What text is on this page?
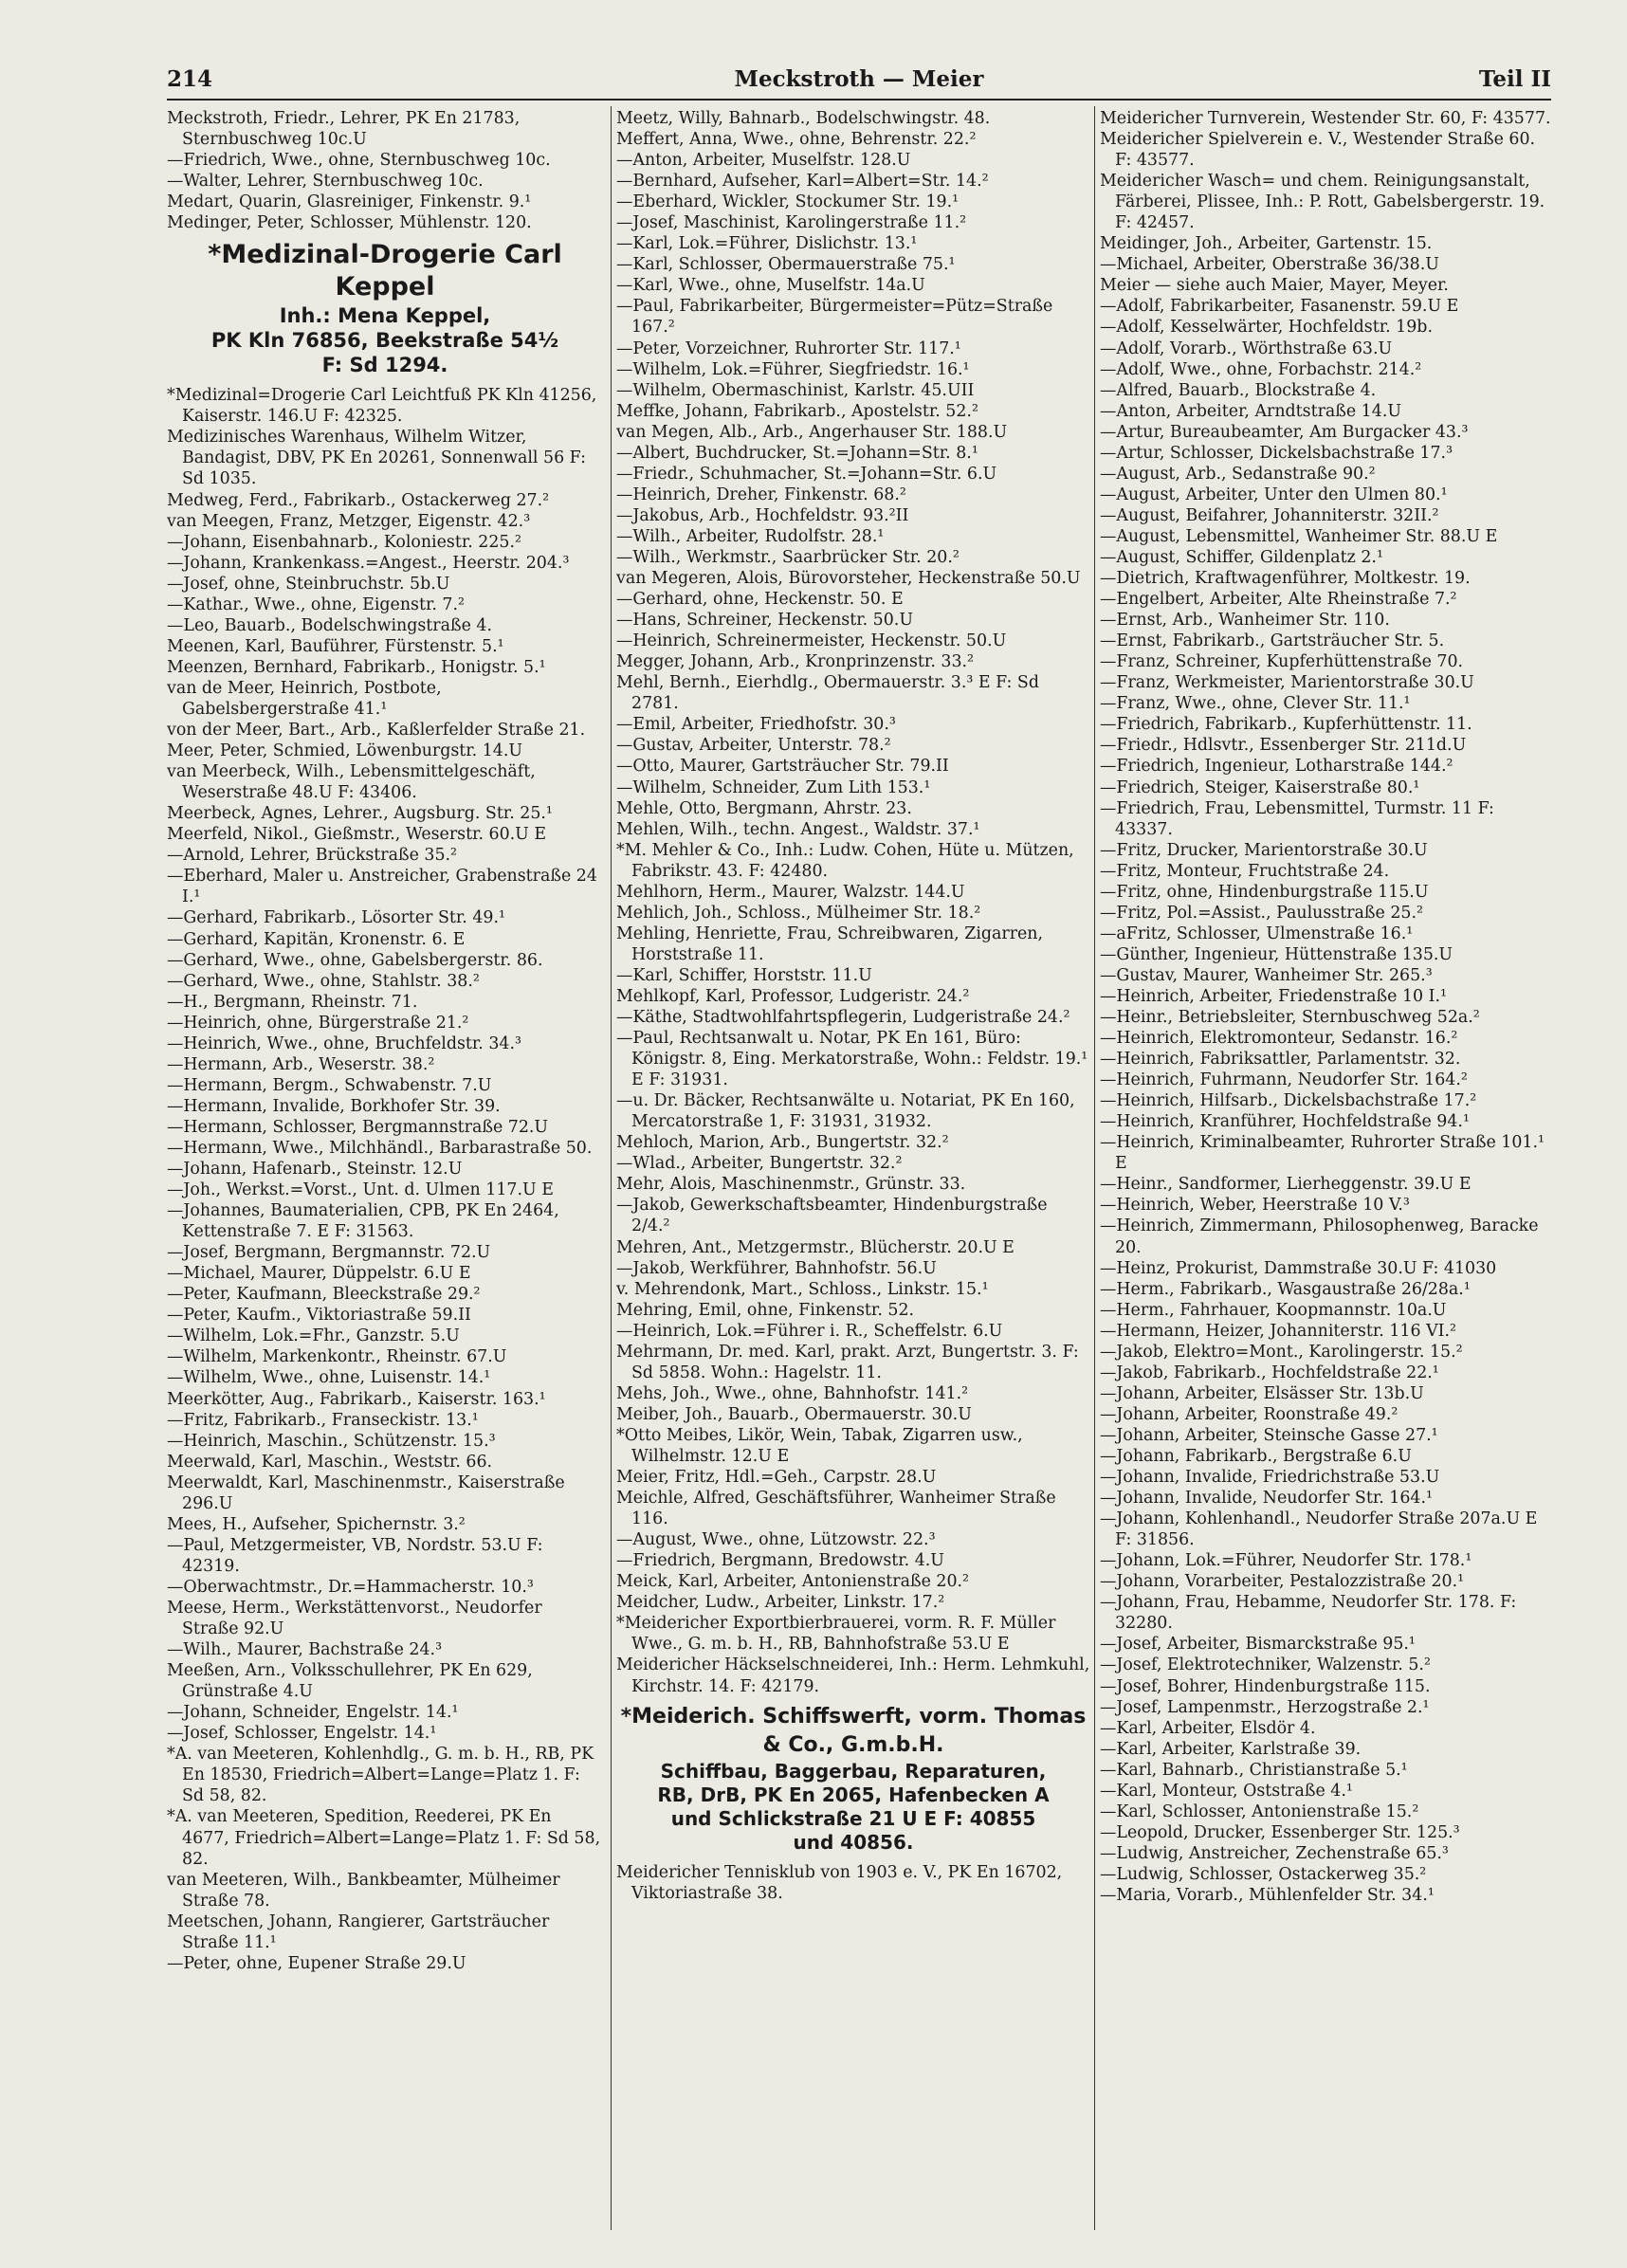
214	Meckstroth — Meier	Teil II

Meckstroth, Friedr., Lehrer, PK En 21783, Sternbuschweg 10c.U

—Friedrich, Wwe., ohne, Sternbuschweg 10c.

—Walter, Lehrer, Sternbuschweg 10c.

Medart, Quarin, Glasreiniger, Finkenstr. 9.¹

Medinger, Peter, Schlosser, Mühlenstr. 120.

*Medizinal-Drogerie Carl Keppel
Inh.: Mena Keppel,
PK Kln 76856, Beekstraße 54½
F: Sd 1294.

*Medizinal=Drogerie Carl Leichtfuß PK Kln 41256, Kaiserstr. 146.U F: 42325.

Medizinisches Warenhaus, Wilhelm Witzer, Bandagist, DBV, PK En 20261, Sonnenwall 56 F: Sd 1035.

Medweg, Ferd., Fabrikarb., Ostackerweg 27.²

van Meegen, Franz, Metzger, Eigenstr. 42.³

—Johann, Eisenbahnarb., Koloniestr. 225.²

—Johann, Krankenkass.=Angest., Heerstr. 204.³

—Josef, ohne, Steinbruchstr. 5b.U

—Kathar., Wwe., ohne, Eigenstr. 7.²

—Leo, Bauarb., Bodelschwingstraße 4.

Meenen, Karl, Bauführer, Fürstenstr. 5.¹

Meenzen, Bernhard, Fabrikarb., Honigstr. 5.¹

van de Meer, Heinrich, Postbote, Gabelsbergerstraße 41.¹

von der Meer, Bart., Arb., Kaßlerfelder Straße 21.

Meer, Peter, Schmied, Löwenburgstr. 14.U

van Meerbeck, Wilh., Lebensmittelgeschäft, Weserstraße 48.U F: 43406.

Meerbeck, Agnes, Lehrer., Augsburg. Str. 25.¹

Meerfeld, Nikol., Gießmstr., Weserstr. 60.U E

—Arnold, Lehrer, Brückstraße 35.²

—Eberhard, Maler u. Anstreicher, Grabenstraße 24 I.¹

—Gerhard, Fabrikarb., Lösorter Str. 49.¹

—Gerhard, Kapitän, Kronenstr. 6. E

—Gerhard, Wwe., ohne, Gabelsbergerstr. 86.

—Gerhard, Wwe., ohne, Stahlstr. 38.²

—H., Bergmann, Rheinstr. 71.

—Heinrich, ohne, Bürgerstraße 21.²

—Heinrich, Wwe., ohne, Bruchfeldstr. 34.³

—Hermann, Arb., Weserstr. 38.²

—Hermann, Bergm., Schwabenstr. 7.U

—Hermann, Invalide, Borkhofer Str. 39.

—Hermann, Schlosser, Bergmannstraße 72.U

—Hermann, Wwe., Milchhändl., Barbarastraße 50.

—Johann, Hafenarb., Steinstr. 12.U

—Joh., Werkst.=Vorst., Unt. d. Ulmen 117.U E

—Johannes, Baumaterialien, CPB, PK En 2464, Kettenstraße 7. E F: 31563.

—Josef, Bergmann, Bergmannstr. 72.U

—Michael, Maurer, Düppelstr. 6.U E

—Peter, Kaufmann, Bleeckstraße 29.²

—Peter, Kaufm., Viktoriastraße 59.II

—Wilhelm, Lok.=Fhr., Ganzstr. 5.U

—Wilhelm, Markenkontr., Rheinstr. 67.U

—Wilhelm, Wwe., ohne, Luisenstr. 14.¹

Meerkötter, Aug., Fabrikarb., Kaiserstr. 163.¹

—Fritz, Fabrikarb., Franseckistr. 13.¹

—Heinrich, Maschin., Schützenstr. 15.³

Meerwald, Karl, Maschin., Weststr. 66.

Meerwaldt, Karl, Maschinenmstr., Kaiserstraße 296.U

Mees, H., Aufseher, Spichernstr. 3.²

—Paul, Metzgermeister, VB, Nordstr. 53.U F: 42319.

—Oberwachtmstr., Dr.=Hammacherstr. 10.³

Meese, Herm., Werkstättenvorst., Neudorfer Straße 92.U

—Wilh., Maurer, Bachstraße 24.³

Meeßen, Arn., Volksschullehrer, PK En 629, Grünstraße 4.U

—Johann, Schneider, Engelstr. 14.¹

—Josef, Schlosser, Engelstr. 14.¹

*A. van Meeteren, Kohlenhdlg., G. m. b. H., RB, PK En 18530, Friedrich=Albert=Lange=Platz 1. F: Sd 58, 82.

*A. van Meeteren, Spedition, Reederei, PK En 4677, Friedrich=Albert=Lange=Platz 1. F: Sd 58, 82.

van Meeteren, Wilh., Bankbeamter, Mülheimer Straße 78.

Meetschen, Johann, Rangierer, Gartsträucher Straße 11.¹

—Peter, ohne, Eupener Straße 29.U

Meetz, Willy, Bahnarb., Bodelschwingstr. 48.

Meffert, Anna, Wwe., ohne, Behrenstr. 22.²

—Anton, Arbeiter, Muselfstr. 128.U

—Bernhard, Aufseher, Karl=Albert=Str. 14.²

—Eberhard, Wickler, Stockumer Str. 19.¹

—Josef, Maschinist, Karolingerstraße 11.²

—Karl, Lok.=Führer, Dislichstr. 13.¹

—Karl, Schlosser, Obermauerstraße 75.¹

—Karl, Wwe., ohne, Muselfstr. 14a.U

—Paul, Fabrikarbeiter, Bürgermeister=Pütz=Straße 167.²

—Peter, Vorzeichner, Ruhrorter Str. 117.¹

—Wilhelm, Lok.=Führer, Siegfriedstr. 16.¹

—Wilhelm, Obermaschinist, Karlstr. 45.UII

Meffke, Johann, Fabrikarb., Apostelstr. 52.²

van Megen, Alb., Arb., Angerhauser Str. 188.U

—Albert, Buchdrucker, St.=Johann=Str. 8.¹

—Friedr., Schuhmacher, St.=Johann=Str. 6.U

—Heinrich, Dreher, Finkenstr. 68.²

—Jakobus, Arb., Hochfeldstr. 93.²II

—Wilh., Arbeiter, Rudolfstr. 28.¹

—Wilh., Werkmstr., Saarbrücker Str. 20.²

van Megeren, Alois, Bürovorsteher, Heckenstraße 50.U

—Gerhard, ohne, Heckenstr. 50. E

—Hans, Schreiner, Heckenstr. 50.U

—Heinrich, Schreinermeister, Heckenstr. 50.U

Megger, Johann, Arb., Kronprinzenstr. 33.²

Mehl, Bernh., Eierhdlg., Obermauerstr. 3.³ E F: Sd 2781.

—Emil, Arbeiter, Friedhofstr. 30.³

—Gustav, Arbeiter, Unterstr. 78.²

—Otto, Maurer, Gartsträucher Str. 79.II

—Wilhelm, Schneider, Zum Lith 153.¹

Mehle, Otto, Bergmann, Ahrstr. 23.

Mehlen, Wilh., techn. Angest., Waldstr. 37.¹

*M. Mehler & Co., Inh.: Ludw. Cohen, Hüte u. Mützen, Fabrikstr. 43. F: 42480.

Mehlhorn, Herm., Maurer, Walzstr. 144.U

Mehlich, Joh., Schloss., Mülheimer Str. 18.²

Mehling, Henriette, Frau, Schreibwaren, Zigarren, Horststraße 11.

—Karl, Schiffer, Horststr. 11.U

Mehlkopf, Karl, Professor, Ludgeristr. 24.²

—Käthe, Stadtwohlfahrtspflegerin, Ludgeristraße 24.²

—Paul, Rechtsanwalt u. Notar, PK En 161, Büro: Königstr. 8, Eing. Merkatorstraße, Wohn.: Feldstr. 19.¹ E F: 31931.

—u. Dr. Bäcker, Rechtsanwälte u. Notariat, PK En 160, Mercatorstraße 1, F: 31931, 31932.

Mehloch, Marion, Arb., Bungertstr. 32.²

—Wlad., Arbeiter, Bungertstr. 32.²

Mehr, Alois, Maschinenmstr., Grünstr. 33.

—Jakob, Gewerkschaftsbeamter, Hindenburgstraße 2/4.²

Mehren, Ant., Metzgermstr., Blücherstr. 20.U E

—Jakob, Werkführer, Bahnhofstr. 56.U

v. Mehrendonk, Mart., Schloss., Linkstr. 15.¹

Mehring, Emil, ohne, Finkenstr. 52.

—Heinrich, Lok.=Führer i. R., Scheffelstr. 6.U

Mehrmann, Dr. med. Karl, prakt. Arzt, Bungertstr. 3. F: Sd 5858. Wohn.: Hagelstr. 11.

Mehs, Joh., Wwe., ohne, Bahnhofstr. 141.²

Meiber, Joh., Bauarb., Obermauerstr. 30.U

*Otto Meibes, Likör, Wein, Tabak, Zigarren usw., Wilhelmstr. 12.U E

Meier, Fritz, Hdl.=Geh., Carpstr. 28.U

Meichle, Alfred, Geschäftsführer, Wanheimer Straße 116.

—August, Wwe., ohne, Lützowstr. 22.³

—Friedrich, Bergmann, Bredowstr. 4.U

Meick, Karl, Arbeiter, Antonienstraße 20.²

Meidcher, Ludw., Arbeiter, Linkstr. 17.²

*Meidericher Exportbierbrauerei, vorm. R. F. Müller Wwe., G. m. b. H., RB, Bahnhofstraße 53.U E

Meidericher Häckselschneiderei, Inh.: Herm. Lehmkuhl, Kirchstr. 14. F: 42179.

*Meiderich. Schiffswerft, vorm. Thomas & Co., G.m.b.H.
Schiffbau, Baggerbau, Reparaturen,
RB, DrB, PK En 2065, Hafenbecken A
und Schlickstraße 21 U E F: 40855
und 40856.

Meidericher Tennisklub von 1903 e. V., PK En 16702, Viktoriastraße 38.

Meidericher Turnverein, Westender Str. 60, F: 43577.

Meidericher Spielverein e. V., Westender Straße 60. F: 43577.

Meidericher Wasch= und chem. Reinigungsanstalt, Färberei, Plissee, Inh.: P. Rott, Gabelsbergerstr. 19. F: 42457.

Meidinger, Joh., Arbeiter, Gartenstr. 15.

—Michael, Arbeiter, Oberstraße 36/38.U

Meier — siehe auch Maier, Mayer, Meyer.

—Adolf, Fabrikarbeiter, Fasanenstr. 59.U E

—Adolf, Kesselwärter, Hochfeldstr. 19b.

—Adolf, Vorarb., Wörthstraße 63.U

—Adolf, Wwe., ohne, Forbachstr. 214.²

—Alfred, Bauarb., Blockstraße 4.

—Anton, Arbeiter, Arndtstraße 14.U

—Artur, Bureaubeamter, Am Burgacker 43.³

—Artur, Schlosser, Dickelsbachstraße 17.³

—August, Arb., Sedanstraße 90.²

—August, Arbeiter, Unter den Ulmen 80.¹

—August, Beifahrer, Johanniterstr. 32II.²

—August, Lebensmittel, Wanheimer Str. 88.U E

—August, Schiffer, Gildenplatz 2.¹

—Dietrich, Kraftwagenführer, Moltkestr. 19.

—Engelbert, Arbeiter, Alte Rheinstraße 7.²

—Ernst, Arb., Wanheimer Str. 110.

—Ernst, Fabrikarb., Gartsträucher Str. 5.

—Franz, Schreiner, Kupferhüttenstraße 70.

—Franz, Werkmeister, Marientorstraße 30.U

—Franz, Wwe., ohne, Clever Str. 11.¹

—Friedrich, Fabrikarb., Kupferhüttenstr. 11.

—Friedr., Hdlsvtr., Essenberger Str. 211d.U

—Friedrich, Ingenieur, Lotharstraße 144.²

—Friedrich, Steiger, Kaiserstraße 80.¹

—Friedrich, Frau, Lebensmittel, Turmstr. 11 F: 43337.

—Fritz, Drucker, Marientorstraße 30.U

—Fritz, Monteur, Fruchtstraße 24.

—Fritz, ohne, Hindenburgstraße 115.U

—Fritz, Pol.=Assist., Paulusstraße 25.²

—aFritz, Schlosser, Ulmenstraße 16.¹

—Günther, Ingenieur, Hüttenstraße 135.U

—Gustav, Maurer, Wanheimer Str. 265.³

—Heinrich, Arbeiter, Friedenstraße 10 I.¹

—Heinr., Betriebsleiter, Sternbuschweg 52a.²

—Heinrich, Elektromonteur, Sedanstr. 16.²

—Heinrich, Fabriksattler, Parlamentstr. 32.

—Heinrich, Fuhrmann, Neudorfer Str. 164.²

—Heinrich, Hilfsarb., Dickelsbachstraße 17.²

—Heinrich, Kranführer, Hochfeldstraße 94.¹

—Heinrich, Kriminalbeamter, Ruhrorter Straße 101.¹ E

—Heinr., Sandformer, Lierheggenstr. 39.U E

—Heinrich, Weber, Heerstraße 10 V.³

—Heinrich, Zimmermann, Philosophenweg, Baracke 20.

—Heinz, Prokurist, Dammstraße 30.U F: 41030

—Herm., Fabrikarb., Wasgaustraße 26/28a.¹

—Herm., Fahrhauer, Koopmannstr. 10a.U

—Hermann, Heizer, Johanniterstr. 116 VI.²

—Jakob, Elektro=Mont., Karolingerstr. 15.²

—Jakob, Fabrikarb., Hochfeldstraße 22.¹

—Johann, Arbeiter, Elsässer Str. 13b.U

—Johann, Arbeiter, Roonstraße 49.²

—Johann, Arbeiter, Steinsche Gasse 27.¹

—Johann, Fabrikarb., Bergstraße 6.U

—Johann, Invalide, Friedrichstraße 53.U

—Johann, Invalide, Neudorfer Str. 164.¹

—Johann, Kohlenhandl., Neudorfer Straße 207a.U E F: 31856.

—Johann, Lok.=Führer, Neudorfer Str. 178.¹

—Johann, Vorarbeiter, Pestalozzistraße 20.¹

—Johann, Frau, Hebamme, Neudorfer Str. 178. F: 32280.

—Josef, Arbeiter, Bismarckstraße 95.¹

—Josef, Elektrotechniker, Walzenstr. 5.²

—Josef, Bohrer, Hindenburgstraße 115.

—Josef, Lampenmstr., Herzogstraße 2.¹

—Karl, Arbeiter, Elsdör 4.

—Karl, Arbeiter, Karlstraße 39.

—Karl, Bahnarb., Christianstraße 5.¹

—Karl, Monteur, Oststraße 4.¹

—Karl, Schlosser, Antonienstraße 15.²

—Leopold, Drucker, Essenberger Str. 125.³

—Ludwig, Anstreicher, Zechenstraße 65.³

—Ludwig, Schlosser, Ostackerweg 35.²

—Maria, Vorarb., Mühlenfelder Str. 34.¹
